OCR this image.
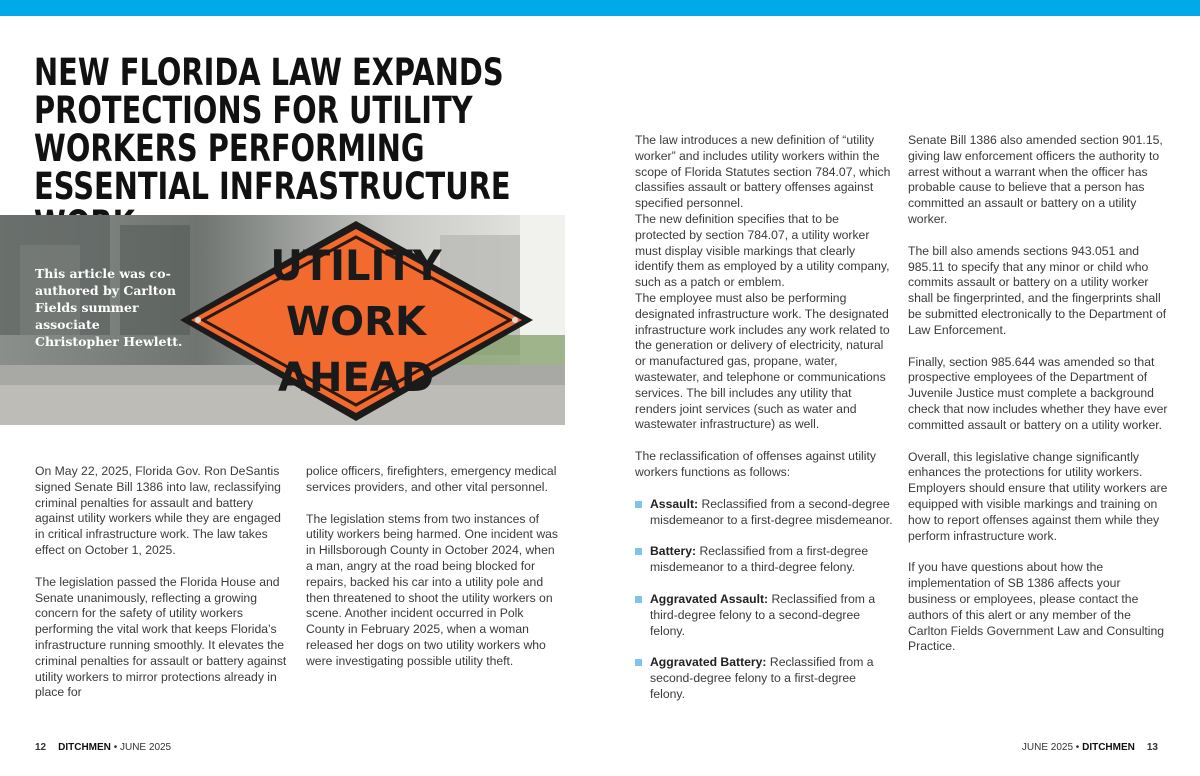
NEW FLORIDA LAW EXPANDS PROTECTIONS FOR UTILITY WORKERS PERFORMING ESSENTIAL INFRASTRUCTURE
UTILITY
WORK
AHEAD
This article was co-authored by Carlton Fields summer associate Christopher Hewlett.

On May 22, 2025, Florida Gov. Ron DeSantis signed Senate Bill 1386 into law, reclassifying criminal penalties for assault and battery against utility workers while they are engaged in critical infrastructure work. The law takes effect on October 1, 2025.

The legislation passed the Florida House and Senate unanimously, reflecting a growing concern for the safety of utility workers performing the vital work that keeps Florida’s infrastructure running smoothly. It elevates the criminal penalties for assault or battery against utility workers to mirror protections already in place for

police officers, firefighters, emergency medical services providers, and other vital personnel.

The legislation stems from two instances of utility workers being harmed. One incident was in Hillsborough County in October 2024, when a man, angry at the road being blocked for repairs, backed his car into a utility pole and then threatened to shoot the utility workers on scene. Another incident occurred in Polk County in February 2025, when a woman released her dogs on two utility workers who were investigating possible utility theft.

The law introduces a new definition of “utility worker” and includes utility workers within the scope of Florida Statutes section 784.07, which classifies assault or battery offenses against specified personnel.

The new definition specifies that to be protected by section 784.07, a utility worker must display visible markings that clearly identify them as employed by a utility company, such as a patch or emblem.

The employee must also be performing designated infrastructure work. The designated infrastructure work includes any work related to the generation or delivery of electricity, natural or manufactured gas, propane, water, wastewater, and telephone or communications services. The bill includes any utility that renders joint services (such as water and wastewater infrastructure) as well.

The reclassification of offenses against utility workers functions as follows:

Assault: Reclassified from a second-degree misdemeanor to a first-degree misdemeanor.
Battery: Reclassified from a first-degree misdemeanor to a third-degree felony.
Aggravated Assault: Reclassified from a third-degree felony to a second-degree felony.
Aggravated Battery: Reclassified from a second-degree felony to a first-degree felony.

Senate Bill 1386 also amended section 901.15, giving law enforcement officers the authority to arrest without a warrant when the officer has probable cause to believe that a person has committed an assault or battery on a utility worker.

The bill also amends sections 943.051 and 985.11 to specify that any minor or child who commits assault or battery on a utility worker shall be fingerprinted, and the fingerprints shall be submitted electronically to the Department of Law Enforcement.

Finally, section 985.644 was amended so that prospective employees of the Department of Juvenile Justice must complete a background check that now includes whether they have ever committed assault or battery on a utility worker.

Overall, this legislative change significantly enhances the protections for utility workers. Employers should ensure that utility workers are equipped with visible markings and training on how to report offenses against them while they perform infrastructure work.

If you have questions about how the implementation of SB 1386 affects your business or employees, please contact the authors of this alert or any member of the Carlton Fields Government Law and Consulting Practice.

12 DITCHMEN • JUNE 2025	JUNE 2025 • DITCHMEN 13
